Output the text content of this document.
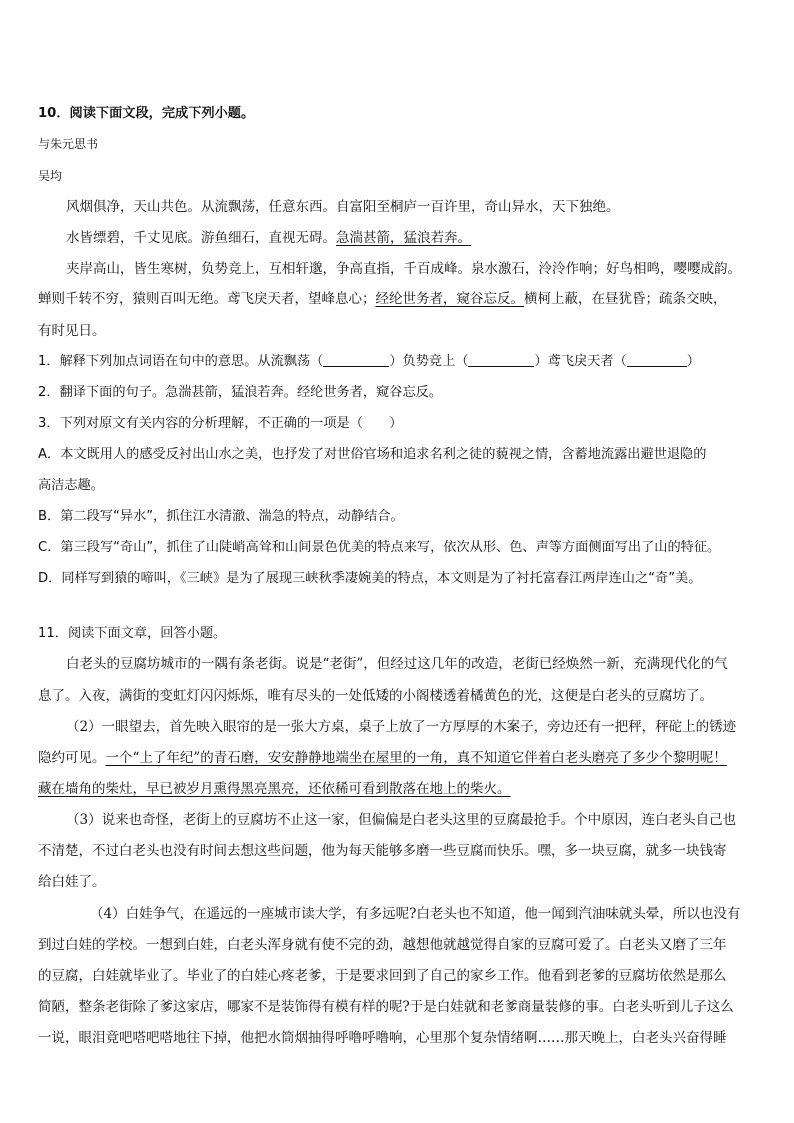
10．阅读下面文段，完成下列小题。
与朱元思书
吴均
风烟俱净，天山共色。从流飘荡，任意东西。自富阳至桐庐一百许里，奇山异水，天下独绝。
水皆缥碧，千丈见底。游鱼细石，直视无碍。急湍甚箭，猛浪若奔。
夹岸高山，皆生寒树，负势竞上，互相轩邈，争高直指，千百成峰。泉水激石，泠泠作响；好鸟相鸣，嘤嘤成韵。
蝉则千转不穷，猿则百叫无绝。鸢飞戾天者，望峰息心；经纶世务者，窥谷忘反。横柯上蔽，在昼犹昏；疏条交映，
有时见日。
1．解释下列加点词语在句中的意思。从流飘荡（	）负势竞上（	）鸢飞戾天者（	）
2．翻译下面的句子。急湍甚箭，猛浪若奔。经纶世务者，窥谷忘反。
3．下列对原文有关内容的分析理解，不正确的一项是（　　）
A．本文既用人的感受反衬出山水之美，也抒发了对世俗官场和追求名利之徒的藐视之情，含蓄地流露出避世退隐的
高洁志趣。
B．第二段写“异水”，抓住江水清澈、湍急的特点，动静结合。
C．第三段写“奇山”，抓住了山陡峭高耸和山间景色优美的特点来写，依次从形、色、声等方面侧面写出了山的特征。
D．同样写到猿的啼叫，《三峡》是为了展现三峡秋季凄婉美的特点，本文则是为了衬托富春江两岸连山之“奇”美。
11．阅读下面文章，回答小题。
白老头的豆腐坊城市的一隅有条老街。说是“老街”，但经过这几年的改造，老街已经焕然一新，充满现代化的气
息了。入夜，满街的变虹灯闪闪烁烁，唯有尽头的一处低矮的小阁楼透着橘黄色的光，这便是白老头的豆腐坊了。
（2）一眼望去，首先映入眼帘的是一张大方桌，桌子上放了一方厚厚的木案子，旁边还有一把秤，秤砣上的锈迹
隐约可见。一个“上了年纪”的青石磨，安安静静地端坐在屋里的一角，真不知道它伴着白老头磨亮了多少个黎明呢！
藏在墙角的柴灶，早已被岁月熏得黑亮黑亮，还依稀可看到散落在地上的柴火。
（3）说来也奇怪，老街上的豆腐坊不止这一家，但偏偏是白老头这里的豆腐最抢手。个中原因，连白老头自己也
不清楚，不过白老头也没有时间去想这些问题，他为每天能够多磨一些豆腐而快乐。嘿，多一块豆腐，就多一块钱寄
给白娃了。
（4）白娃争气，在遥远的一座城市读大学，有多远呢?白老头也不知道，他一闻到汽油味就头晕，所以也没有
到过白娃的学校。一想到白娃，白老头浑身就有使不完的劲，越想他就越觉得自家的豆腐可爱了。白老头又磨了三年
的豆腐，白娃就毕业了。毕业了的白娃心疼老爹，于是要求回到了自己的家乡工作。他看到老爹的豆腐坊依然是那么
简陋，整条老街除了爹这家店，哪家不是装饰得有模有样的呢?于是白娃就和老爹商量装修的事。白老头听到儿子这么
一说，眼泪竟吧嗒吧嗒地往下掉，他把水筒烟抽得呼噜呼噜响，心里那个复杂情绪啊……那天晚上，白老头兴奋得睡
